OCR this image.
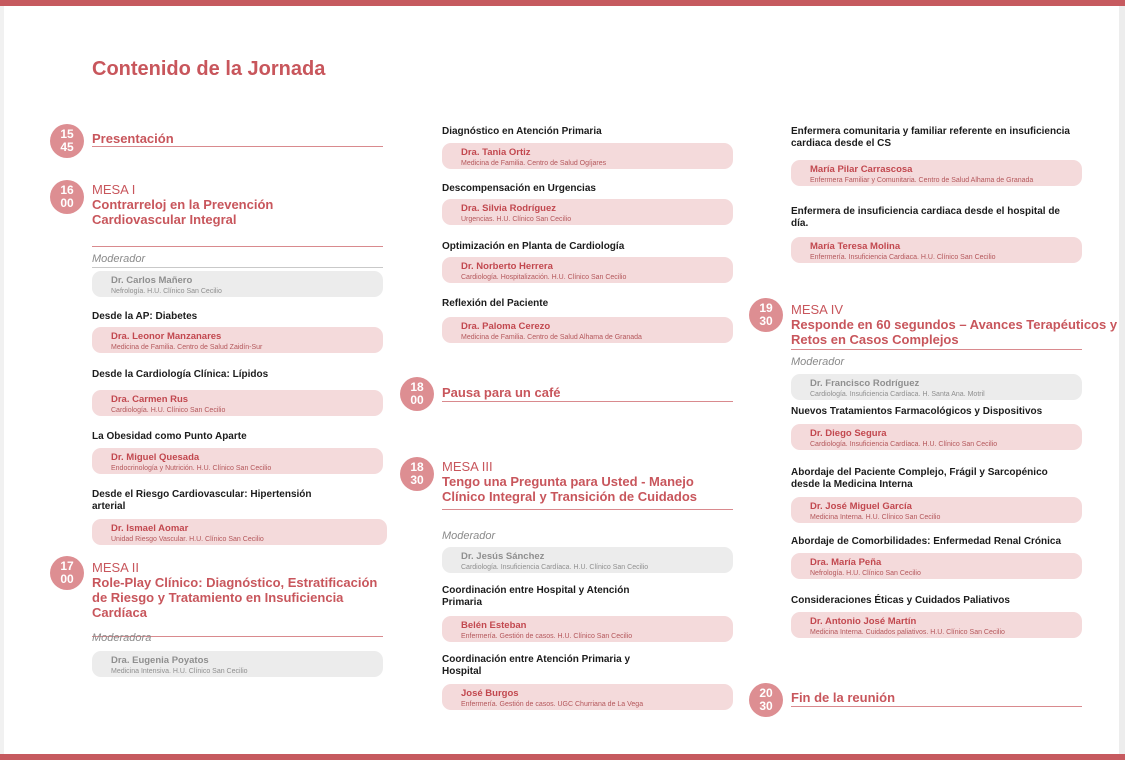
Contenido de la Jornada
15
45
Presentación
16
00
MESA I
Contrarreloj en la Prevención
Cardiovascular Integral
Moderador
Dr. Carlos Mañero
Nefrología. H.U. Clínico San Cecilio
Desde la AP: Diabetes
Dra. Leonor Manzanares
Medicina de Familia. Centro de Salud Zaidín-Sur
Desde la Cardiología Clínica: Lípidos
Dra. Carmen Rus
Cardiología. H.U. Clínico San Cecilio
La Obesidad como Punto Aparte
Dr. Miguel Quesada
Endocrinología y Nutrición. H.U. Clínico San Cecilio
Desde el Riesgo Cardiovascular: Hipertensión
arterial
Dr. Ismael Aomar
Unidad Riesgo Vascular. H.U. Clínico San Cecilio
17
00
MESA II
Role-Play Clínico: Diagnóstico, Estratificación
de Riesgo y Tratamiento en Insuficiencia
Cardíaca
Moderadora
Dra. Eugenia Poyatos
Medicina Intensiva. H.U. Clínico San Cecilio
Diagnóstico en Atención Primaria
Dra. Tania Ortiz
Medicina de Familia. Centro de Salud Ogíjares
Descompensación en Urgencias
Dra. Silvia Rodríguez
Urgencias. H.U. Clínico San Cecilio
Optimización en Planta de Cardiología
Dr. Norberto Herrera
Cardiología. Hospitalización. H.U. Clínico San Cecilio
Reflexión del Paciente
Dra. Paloma Cerezo
Medicina de Familia. Centro de Salud Alhama de Granada
18
00	Pausa para un café
18
30
MESA III
Tengo una Pregunta para Usted - Manejo
Clínico Integral y Transición de Cuidados
Moderador
Dr. Jesús Sánchez
Cardiología. Insuficiencia Cardíaca. H.U. Clínico San Cecilio
Coordinación entre Hospital y Atención
Primaria
Belén Esteban
Enfermería. Gestión de casos. H.U. Clínico San Cecilio
Coordinación entre Atención Primaria y
Hospital
José Burgos
Enfermería. Gestión de casos. UGC Churriana de La Vega
Enfermera comunitaria y familiar referente en insuficiencia
cardiaca desde el CS
María Pilar Carrascosa
Enfermera Familiar y Comunitaria. Centro de Salud Alhama de Granada
Enfermera de insuficiencia cardiaca desde el hospital de
día.
María Teresa Molina
Enfermería. Insuficiencia Cardiaca. H.U. Clínico San Cecilio
19
30
MESA IV
Responde en 60 segundos – Avances Terapéuticos y
Retos en Casos Complejos
Moderador
Dr. Francisco Rodríguez
Cardiología. Insuficiencia Cardíaca. H. Santa Ana. Motril
Nuevos Tratamientos Farmacológicos y Dispositivos
Dr. Diego Segura
Cardiología. Insuficiencia Cardíaca. H.U. Clínico San Cecilio
Abordaje del Paciente Complejo, Frágil y Sarcopénico
desde la Medicina Interna
Dr. José Miguel García
Medicina Interna. H.U. Clínico San Cecilio
Abordaje de Comorbilidades: Enfermedad Renal Crónica
Dra. María Peña
Nefrología. H.U. Clínico San Cecilio
Consideraciones Éticas y Cuidados Paliativos
Dr. Antonio José Martín
Medicina Interna. Cuidados paliativos. H.U. Clínico San Cecilio
20
30
Fin de la reunión
